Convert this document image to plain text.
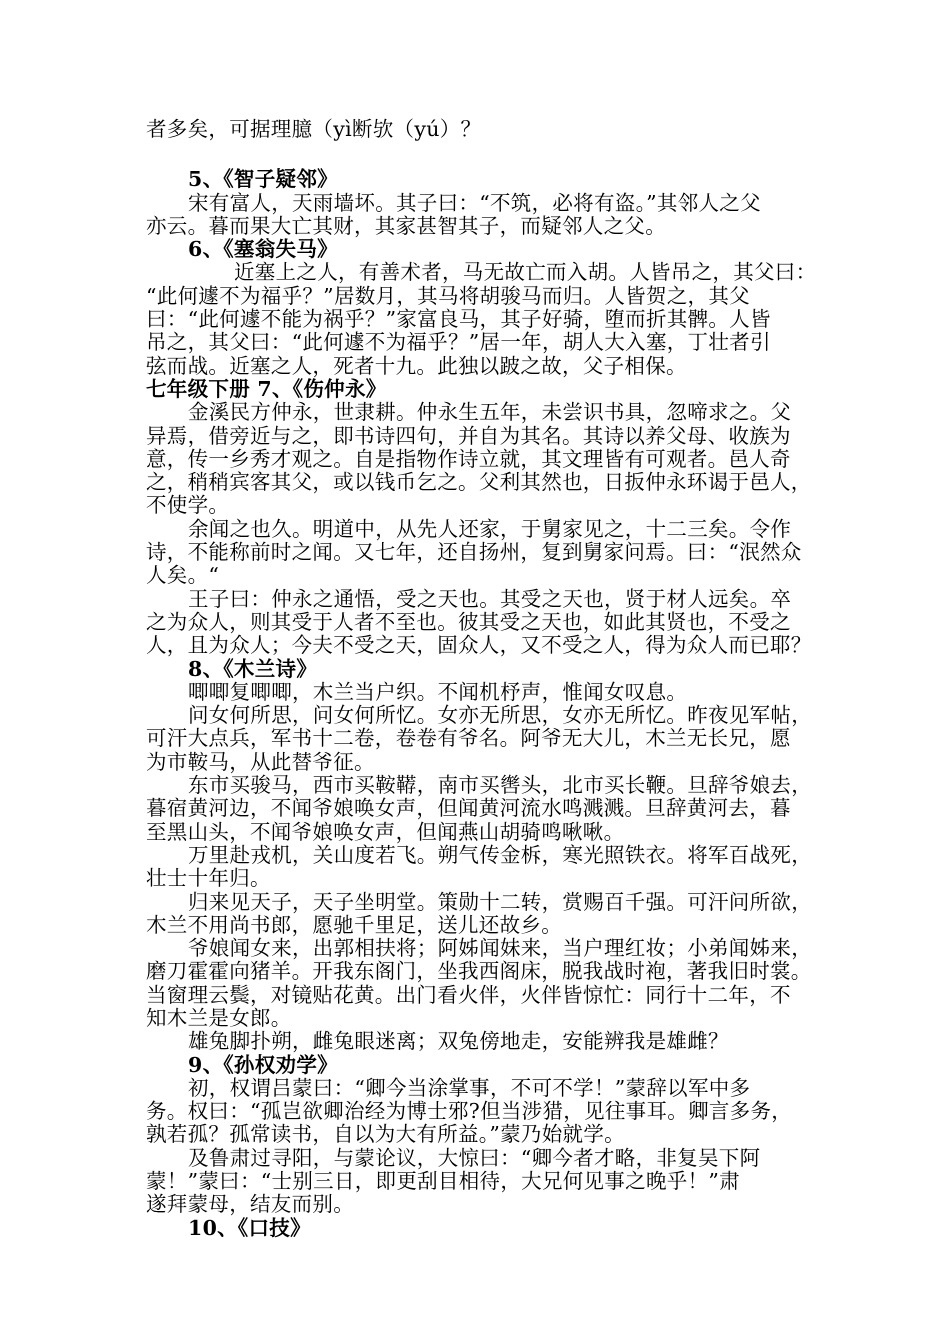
者多矣，可据理臆（yì断欤（yú）？
5、《智子疑邻》
宋有富人，天雨墙坏。其子曰：“不筑，必将有盗。”其邻人之父
亦云。暮而果大亡其财，其家甚智其子，而疑邻人之父。
6、《塞翁失马》
近塞上之人，有善术者，马无故亡而入胡。人皆吊之，其父曰：
“此何遽不为福乎？”居数月，其马将胡骏马而归。人皆贺之，其父
曰：“此何遽不能为祸乎？”家富良马，其子好骑，堕而折其髀。人皆
吊之，其父曰：“此何遽不为福乎？”居一年，胡人大入塞，丁壮者引
弦而战。近塞之人，死者十九。此独以跛之故，父子相保。
七年级下册 7、《伤仲永》
金溪民方仲永，世隶耕。仲永生五年，未尝识书具，忽啼求之。父
异焉，借旁近与之，即书诗四句，并自为其名。其诗以养父母、收族为
意，传一乡秀才观之。自是指物作诗立就，其文理皆有可观者。邑人奇
之，稍稍宾客其父，或以钱币乞之。父利其然也，日扳仲永环谒于邑人，
不使学。
余闻之也久。明道中，从先人还家，于舅家见之，十二三矣。令作
诗，不能称前时之闻。又七年，还自扬州，复到舅家问焉。曰：“泯然众
人矣。“
王子曰：仲永之通悟，受之天也。其受之天也，贤于材人远矣。卒
之为众人，则其受于人者不至也。彼其受之天也，如此其贤也，不受之
人，且为众人；今夫不受之天，固众人，又不受之人，得为众人而已耶？
8、《木兰诗》
唧唧复唧唧，木兰当户织。不闻机杼声，惟闻女叹息。
问女何所思，问女何所忆。女亦无所思，女亦无所忆。昨夜见军帖，
可汗大点兵，军书十二卷，卷卷有爷名。阿爷无大儿，木兰无长兄，愿
为市鞍马，从此替爷征。
东市买骏马，西市买鞍鞯，南市买辔头，北市买长鞭。旦辞爷娘去，
暮宿黄河边，不闻爷娘唤女声，但闻黄河流水鸣溅溅。旦辞黄河去，暮
至黑山头，不闻爷娘唤女声，但闻燕山胡骑鸣啾啾。
万里赴戎机，关山度若飞。朔气传金柝，寒光照铁衣。将军百战死，
壮士十年归。
归来见天子，天子坐明堂。策勋十二转，赏赐百千强。可汗问所欲，
木兰不用尚书郎，愿驰千里足，送儿还故乡。
爷娘闻女来，出郭相扶将；阿姊闻妹来，当户理红妆；小弟闻姊来，
磨刀霍霍向猪羊。开我东阁门，坐我西阁床，脱我战时袍，著我旧时裳。
当窗理云鬓，对镜贴花黄。出门看火伴，火伴皆惊忙：同行十二年，不
知木兰是女郎。
雄兔脚扑朔，雌兔眼迷离；双兔傍地走，安能辨我是雄雌？
9、《孙权劝学》
初，权谓吕蒙曰：“卿今当涂掌事，不可不学！”蒙辞以军中多
务。权曰：“孤岂欲卿治经为博士邪?但当涉猎，见往事耳。卿言多务，
孰若孤？孤常读书，自以为大有所益。”蒙乃始就学。
及鲁肃过寻阳，与蒙论议，大惊曰：“卿今者才略，非复吴下阿
蒙！”蒙曰：“士别三日，即更刮目相待，大兄何见事之晚乎！”肃
遂拜蒙母，结友而别。
10、《口技》
